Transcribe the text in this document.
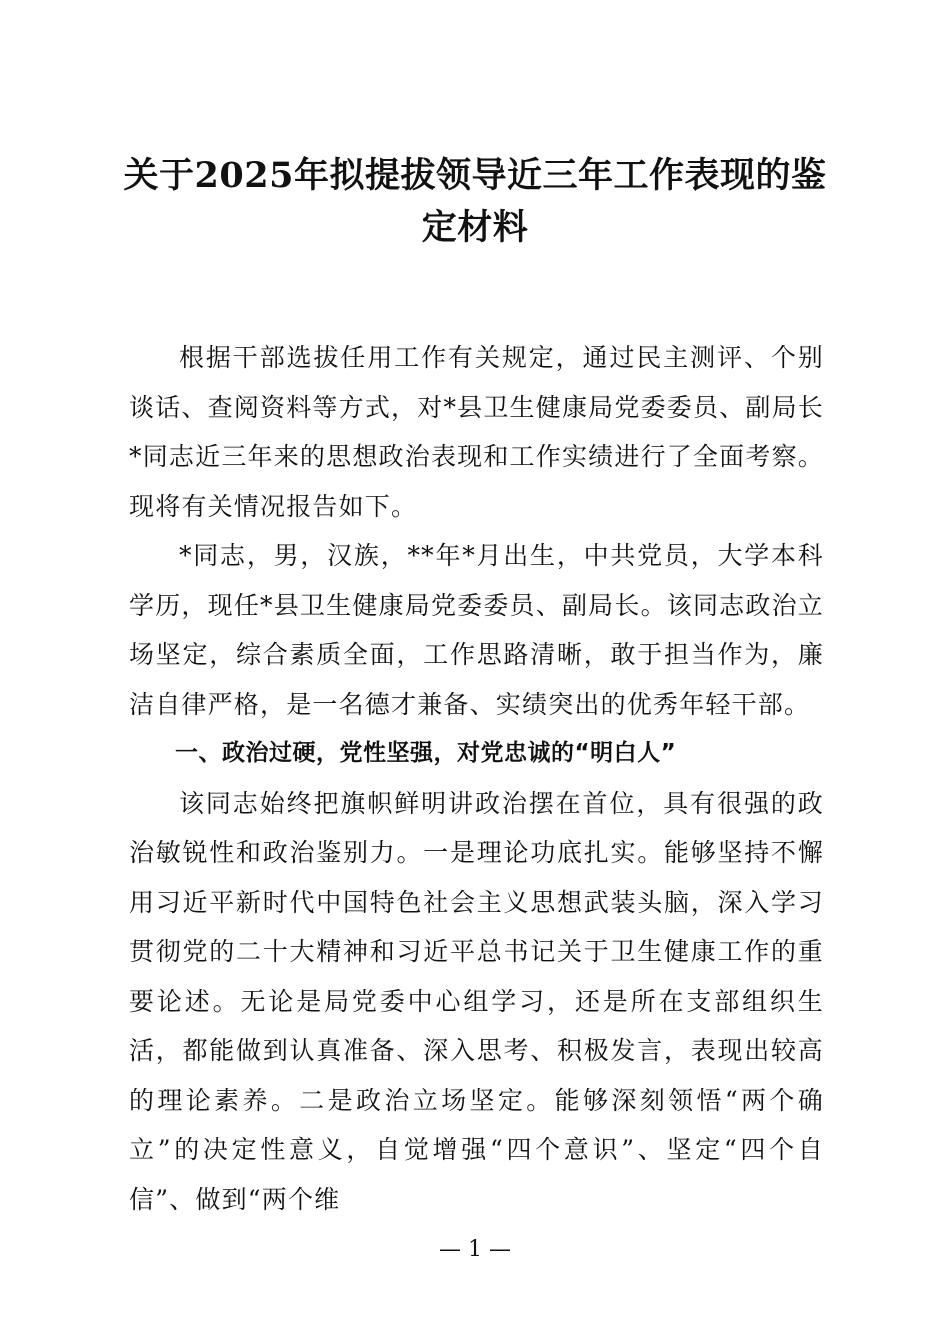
关于2025年拟提拔领导近三年工作表现的鉴定材料

根据干部选拔任用工作有关规定，通过民主测评、个别谈话、查阅资料等方式，对*县卫生健康局党委委员、副局长*同志近三年来的思想政治表现和工作实绩进行了全面考察。现将有关情况报告如下。

*同志，男，汉族，**年*月出生，中共党员，大学本科学历，现任*县卫生健康局党委委员、副局长。该同志政治立场坚定，综合素质全面，工作思路清晰，敢于担当作为，廉洁自律严格，是一名德才兼备、实绩突出的优秀年轻干部。

一、政治过硬，党性坚强，对党忠诚的“明白人”

该同志始终把旗帜鲜明讲政治摆在首位，具有很强的政治敏锐性和政治鉴别力。一是理论功底扎实。能够坚持不懈用习近平新时代中国特色社会主义思想武装头脑，深入学习贯彻党的二十大精神和习近平总书记关于卫生健康工作的重要论述。无论是局党委中心组学习，还是所在支部组织生活，都能做到认真准备、深入思考、积极发言，表现出较高的理论素养。二是政治立场坚定。能够深刻领悟“两个确立”的决定性意义，自觉增强“四个意识”、坚定“四个自信”、做到“两个维

— 1 —
